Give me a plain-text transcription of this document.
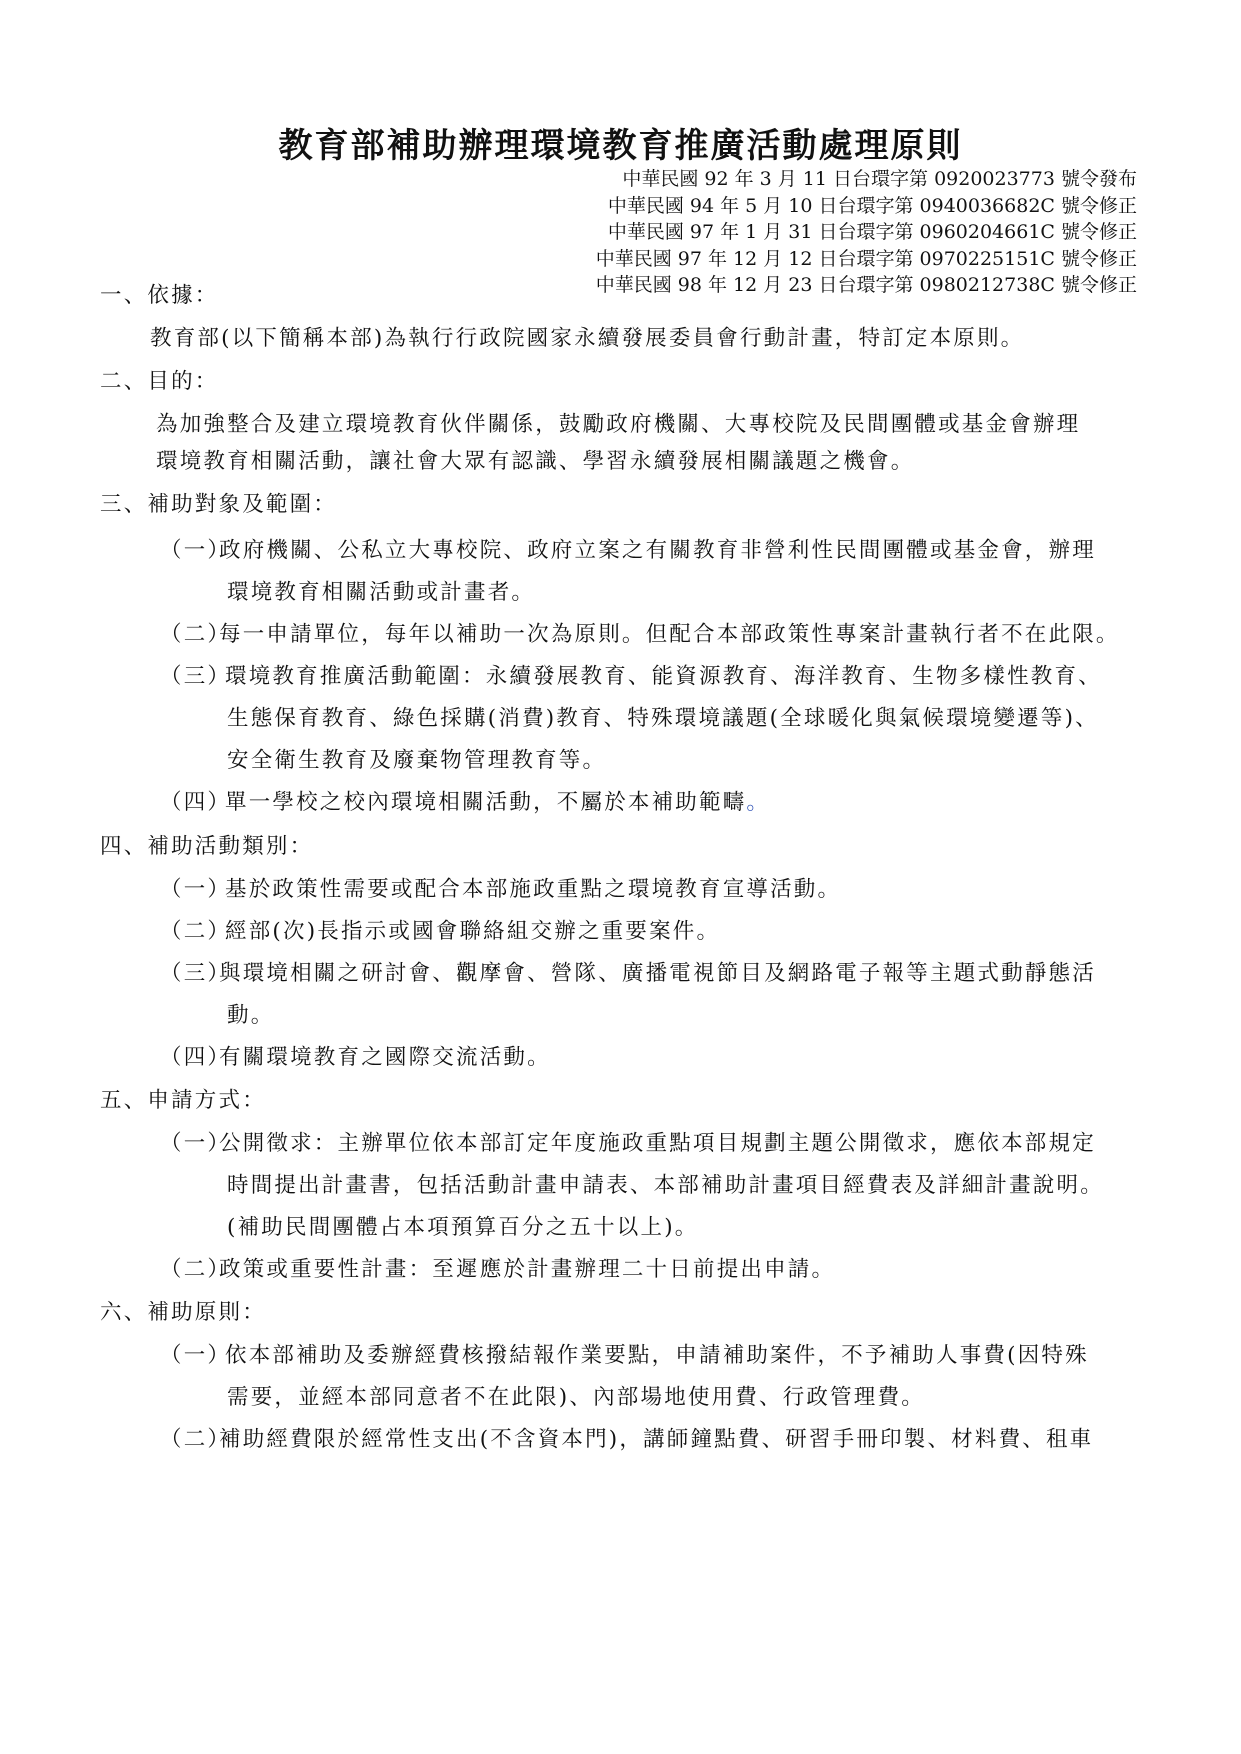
教育部補助辦理環境教育推廣活動處理原則
中華民國 92 年 3 月 11 日台環字第 0920023773 號令發布
中華民國 94 年 5 月 10 日台環字第 0940036682C 號令修正
中華民國 97 年 1 月 31 日台環字第 0960204661C 號令修正
中華民國 97 年 12 月 12 日台環字第 0970225151C 號令修正
中華民國 98 年 12 月 23 日台環字第 0980212738C 號令修正
一、依據：
教育部(以下簡稱本部)為執行行政院國家永續發展委員會行動計畫，特訂定本原則。
二、目的：
為加強整合及建立環境教育伙伴關係，鼓勵政府機關、大專校院及民間團體或基金會辦理
環境教育相關活動，讓社會大眾有認識、學習永續發展相關議題之機會。
三、補助對象及範圍：
（一）
政府機關、公私立大專校院、政府立案之有關教育非營利性民間團體或基金會，辦理
環境教育相關活動或計畫者。
（二）
每一申請單位，每年以補助一次為原則。但配合本部政策性專案計畫執行者不在此限。
（三）
環境教育推廣活動範圍：永續發展教育、能資源教育、海洋教育、生物多樣性教育、
生態保育教育、綠色採購(消費)教育、特殊環境議題(全球暖化與氣候環境變遷等)、
安全衛生教育及廢棄物管理教育等。
（四）
單一學校之校內環境相關活動，不屬於本補助範疇。
四、補助活動類別：
（一）
基於政策性需要或配合本部施政重點之環境教育宣導活動。
（二）
經部(次)長指示或國會聯絡組交辦之重要案件。
（三）
與環境相關之研討會、觀摩會、營隊、廣播電視節目及網路電子報等主題式動靜態活
動。
（四）
有關環境教育之國際交流活動。
五、申請方式：
（一）
公開徵求：主辦單位依本部訂定年度施政重點項目規劃主題公開徵求，應依本部規定
時間提出計畫書，包括活動計畫申請表、本部補助計畫項目經費表及詳細計畫說明。
(補助民間團體占本項預算百分之五十以上)。
（二）
政策或重要性計畫：至遲應於計畫辦理二十日前提出申請。
六、補助原則：
（一）
依本部補助及委辦經費核撥結報作業要點，申請補助案件，不予補助人事費(因特殊
需要，並經本部同意者不在此限)、內部場地使用費、行政管理費。
（二）
補助經費限於經常性支出(不含資本門)，講師鐘點費、研習手冊印製、材料費、租車
